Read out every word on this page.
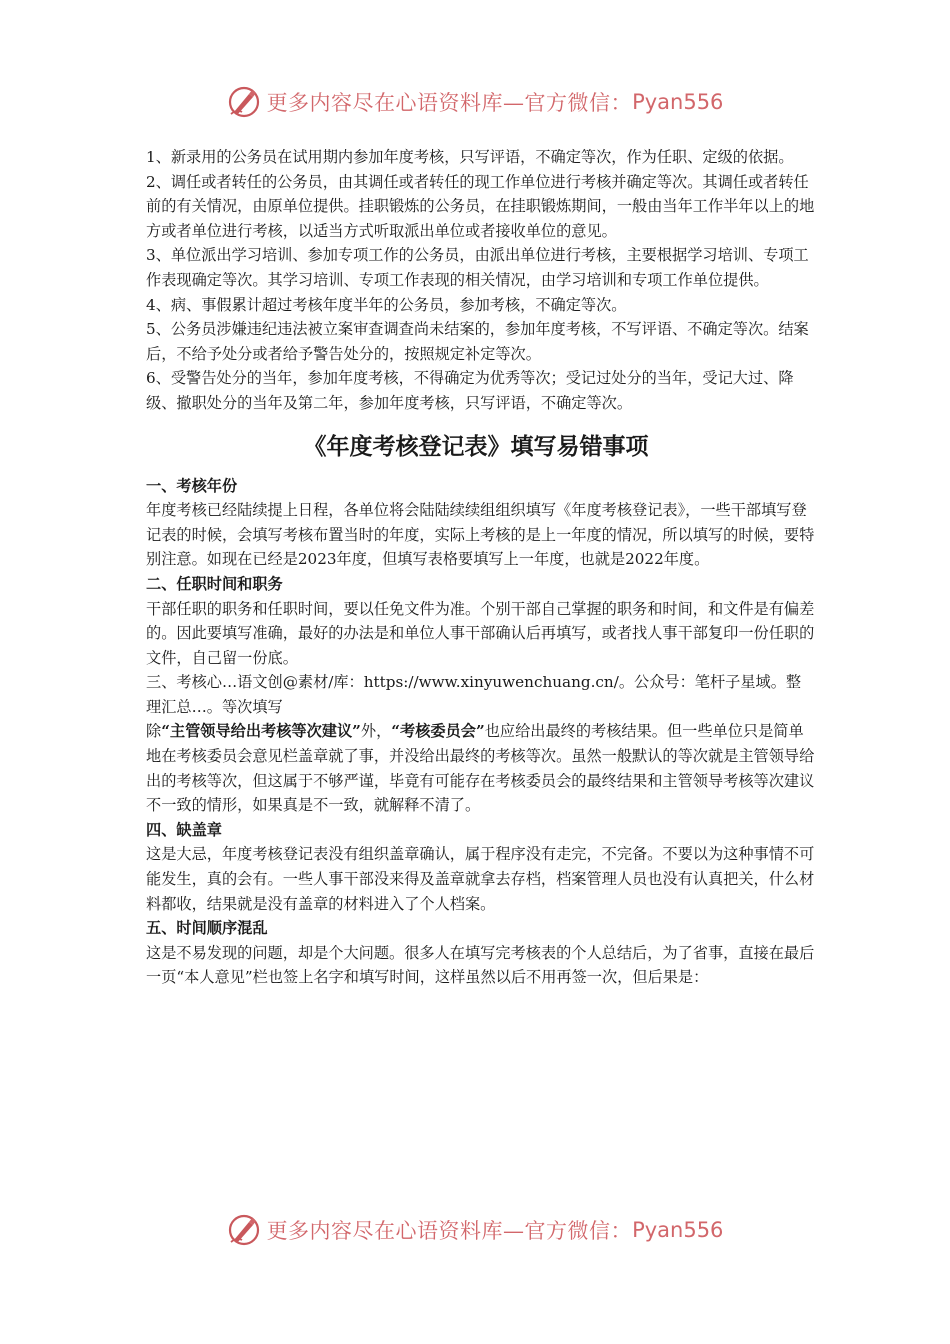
更多内容尽在心语资料库—官方微信： Pyan556

1、新录用的公务员在试用期内参加年度考核，只写评语，不确定等次，作为任职、定级的依据。

2、调任或者转任的公务员，由其调任或者转任的现工作单位进行考核并确定等次。其调任或者转任前的有关情况，由原单位提供。挂职锻炼的公务员，在挂职锻炼期间，一般由当年工作半年以上的地方或者单位进行考核，以适当方式听取派出单位或者接收单位的意见。

3、单位派出学习培训、参加专项工作的公务员，由派出单位进行考核，主要根据学习培训、专项工作表现确定等次。其学习培训、专项工作表现的相关情况，由学习培训和专项工作单位提供。

4、病、事假累计超过考核年度半年的公务员，参加考核，不确定等次。

5、公务员涉嫌违纪违法被立案审查调查尚未结案的，参加年度考核，不写评语、不确定等次。结案后，不给予处分或者给予警告处分的，按照规定补定等次。

6、受警告处分的当年，参加年度考核，不得确定为优秀等次；受记过处分的当年，受记大过、降级、撤职处分的当年及第二年，参加年度考核，只写评语，不确定等次。

《年度考核登记表》填写易错事项

一、考核年份

年度考核已经陆续提上日程，各单位将会陆陆续续组组织填写《年度考核登记表》，一些干部填写登记表的时候，会填写考核布置当时的年度，实际上考核的是上一年度的情况，所以填写的时候，要特别注意。如现在已经是2023年度，但填写表格要填写上一年度，也就是2022年度。

二、任职时间和职务

干部任职的职务和任职时间，要以任免文件为准。个别干部自己掌握的职务和时间，和文件是有偏差的。因此要填写准确，最好的办法是和单位人事干部确认后再填写，或者找人事干部复印一份任职的文件，自己留一份底。

三、考核心…语文创@素材/库：https://www.xinyuwenchuang.cn/。公众号：笔杆子星域。整理汇总…。等次填写

除“主管领导给出考核等次建议”外，“考核委员会”也应给出最终的考核结果。但一些单位只是简单地在考核委员会意见栏盖章就了事，并没给出最终的考核等次。虽然一般默认的等次就是主管领导给出的考核等次，但这属于不够严谨，毕竟有可能存在考核委员会的最终结果和主管领导考核等次建议不一致的情形，如果真是不一致，就解释不清了。

四、缺盖章

这是大忌，年度考核登记表没有组织盖章确认，属于程序没有走完，不完备。不要以为这种事情不可能发生，真的会有。一些人事干部没来得及盖章就拿去存档，档案管理人员也没有认真把关，什么材料都收，结果就是没有盖章的材料进入了个人档案。

五、时间顺序混乱

这是不易发现的问题，却是个大问题。很多人在填写完考核表的个人总结后，为了省事，直接在最后一页“本人意见”栏也签上名字和填写时间，这样虽然以后不用再签一次，但后果是：

更多内容尽在心语资料库—官方微信： Pyan556
